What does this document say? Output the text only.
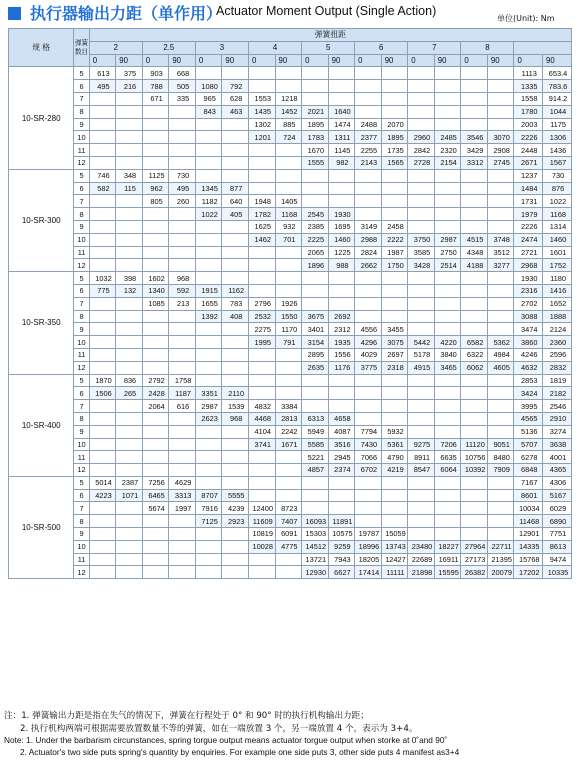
执行器输出力距（单作用）
Actuator Moment Output (Single Action)
单位(Unit): Nm
规 格	弹簧数目	弹簧扭距																	
		2		2.5		3		4		5		6		7		8			
		0	90	0	90	0	90	0	90	0	90	0	90	0	90	0	90	0	90
10-SR-280	5	613	375	903	668													1113	653.4
	6	495	216	788	505	1080	792											1335	783.6
	7			671	335	965	628	1553	1218									1558	914.2
	8					843	463	1435	1452	2021	1640							1780	1044
	9							1302	885	1895	1474	2488	2070					2003	1175
	10							1201	724	1783	1311	2377	1895	2960	2485	3546	3070	2226	1306
	11									1670	1145	2255	1735	2842	2320	3429	2908	2448	1436
	12									1555	982	2143	1565	2728	2154	3312	2745	2671	1567
10-SR-300	5	746	348	1125	730													1237	730
	6	582	115	962	495	1345	877											1484	876
	7			805	260	1182	640	1948	1405									1731	1022
	8					1022	405	1782	1168	2545	1930							1979	1168
	9							1625	932	2385	1695	3149	2458					2226	1314
	10							1462	701	2225	1460	2988	2222	3750	2987	4515	3748	2474	1460
	11									2065	1225	2824	1987	3585	2750	4348	3512	2721	1601
	12									1896	988	2662	1750	3428	2514	4188	3277	2968	1752
10-SR-350	5	1032	398	1602	968													1930	1180
	6	775	132	1340	592	1915	1162											2316	1416
	7			1085	213	1655	783	2796	1926									2702	1652
	8					1392	408	2532	1550	3675	2692							3088	1888
	9							2275	1170	3401	2312	4556	3455					3474	2124
	10							1995	791	3154	1935	4296	3075	5442	4220	6582	5362	3860	2360
	11									2895	1556	4029	2697	5178	3840	6322	4984	4246	2596
	12									2635	1176	3775	2318	4915	3465	6062	4605	4632	2832
10-SR-400	5	1870	836	2792	1758													2853	1819
	6	1506	265	2428	1187	3351	2110											3424	2182
	7			2064	616	2987	1539	4832	3384									3995	2546
	8					2623	968	4468	2813	6313	4658							4565	2910
	9							4104	2242	5949	4087	7794	5932					5136	3274
	10							3741	1671	5585	3516	7430	5361	9275	7206	11120	9051	5707	3638
	11									5221	2945	7066	4790	8911	6635	10756	8480	6278	4001
	12									4857	2374	6702	4219	8547	6064	10392	7909	6848	4365
10-SR-500	5	5014	2387	7256	4629													7167	4306
	6	4223	1071	6465	3313	8707	5555											8601	5167
	7			5674	1997	7916	4239	12400	8723									10034	6029
	8					7125	2923	11609	7407	16093	11891							11468	6890
	9							10819	6091	15303	10575	19787	15059					12901	7751
	10							10028	4775	14512	9259	18996	13743	23480	18227	27964	22711	14335	8613
	11									13721	7943	18205	12427	22689	16911	27173	21395	15768	9474
	12									12930	6627	17414	11111	21898	15595	26382	20079	17202	10335
注：1. 弹簧输出力距是指在失气的情况下，弹簧在行程处于 0° 和 90° 时的执行机构输出力距；
2. 执行机构两端可根据需要放置数量不等的弹簧，如在一端放置 3 个，另一端放置 4 个，表示为 3+4。
Note: 1. Under the barbarism circunstances, spring torgue output means actuator torgue output when storke at 0˚and 90˚
2. Actuator's two side puts spring's quantity by enquiries. For example one side puts 3, other side puts 4 manifest as3+4
